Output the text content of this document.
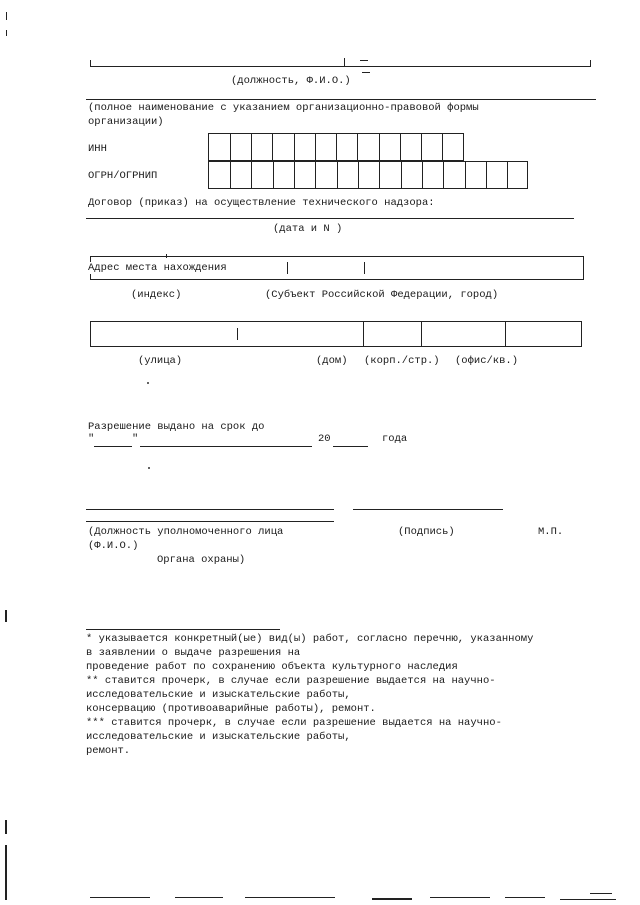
(должность, Ф.И.О.)
(полное наименование с указанием организационно-правовой формы
организации)
ИНН
ОГРН/ОГРНИП
Договор (приказ) на осуществление технического надзора:
(дата и N )
Адрес места нахождения
(индекс)	(Субъект Российской Федерации, город)
(улица)	(дом) (корп./стр.) (офис/кв.)
Разрешение выдано на срок до
"	"	20	года
(Должность уполномоченного лица	(Подпись)	М.П.
(Ф.И.О.)
Органа охраны)
* указывается конкретный(ые) вид(ы) работ, согласно перечню, указанному
в заявлении о выдаче разрешения на
проведение работ по сохранению объекта культурного наследия
** ставится прочерк, в случае если разрешение выдается на научно-
исследовательские и изыскательские работы,
консервацию (противоаварийные работы), ремонт.
*** ставится прочерк, в случае если разрешение выдается на научно-
исследовательские и изыскательские работы,
ремонт.
